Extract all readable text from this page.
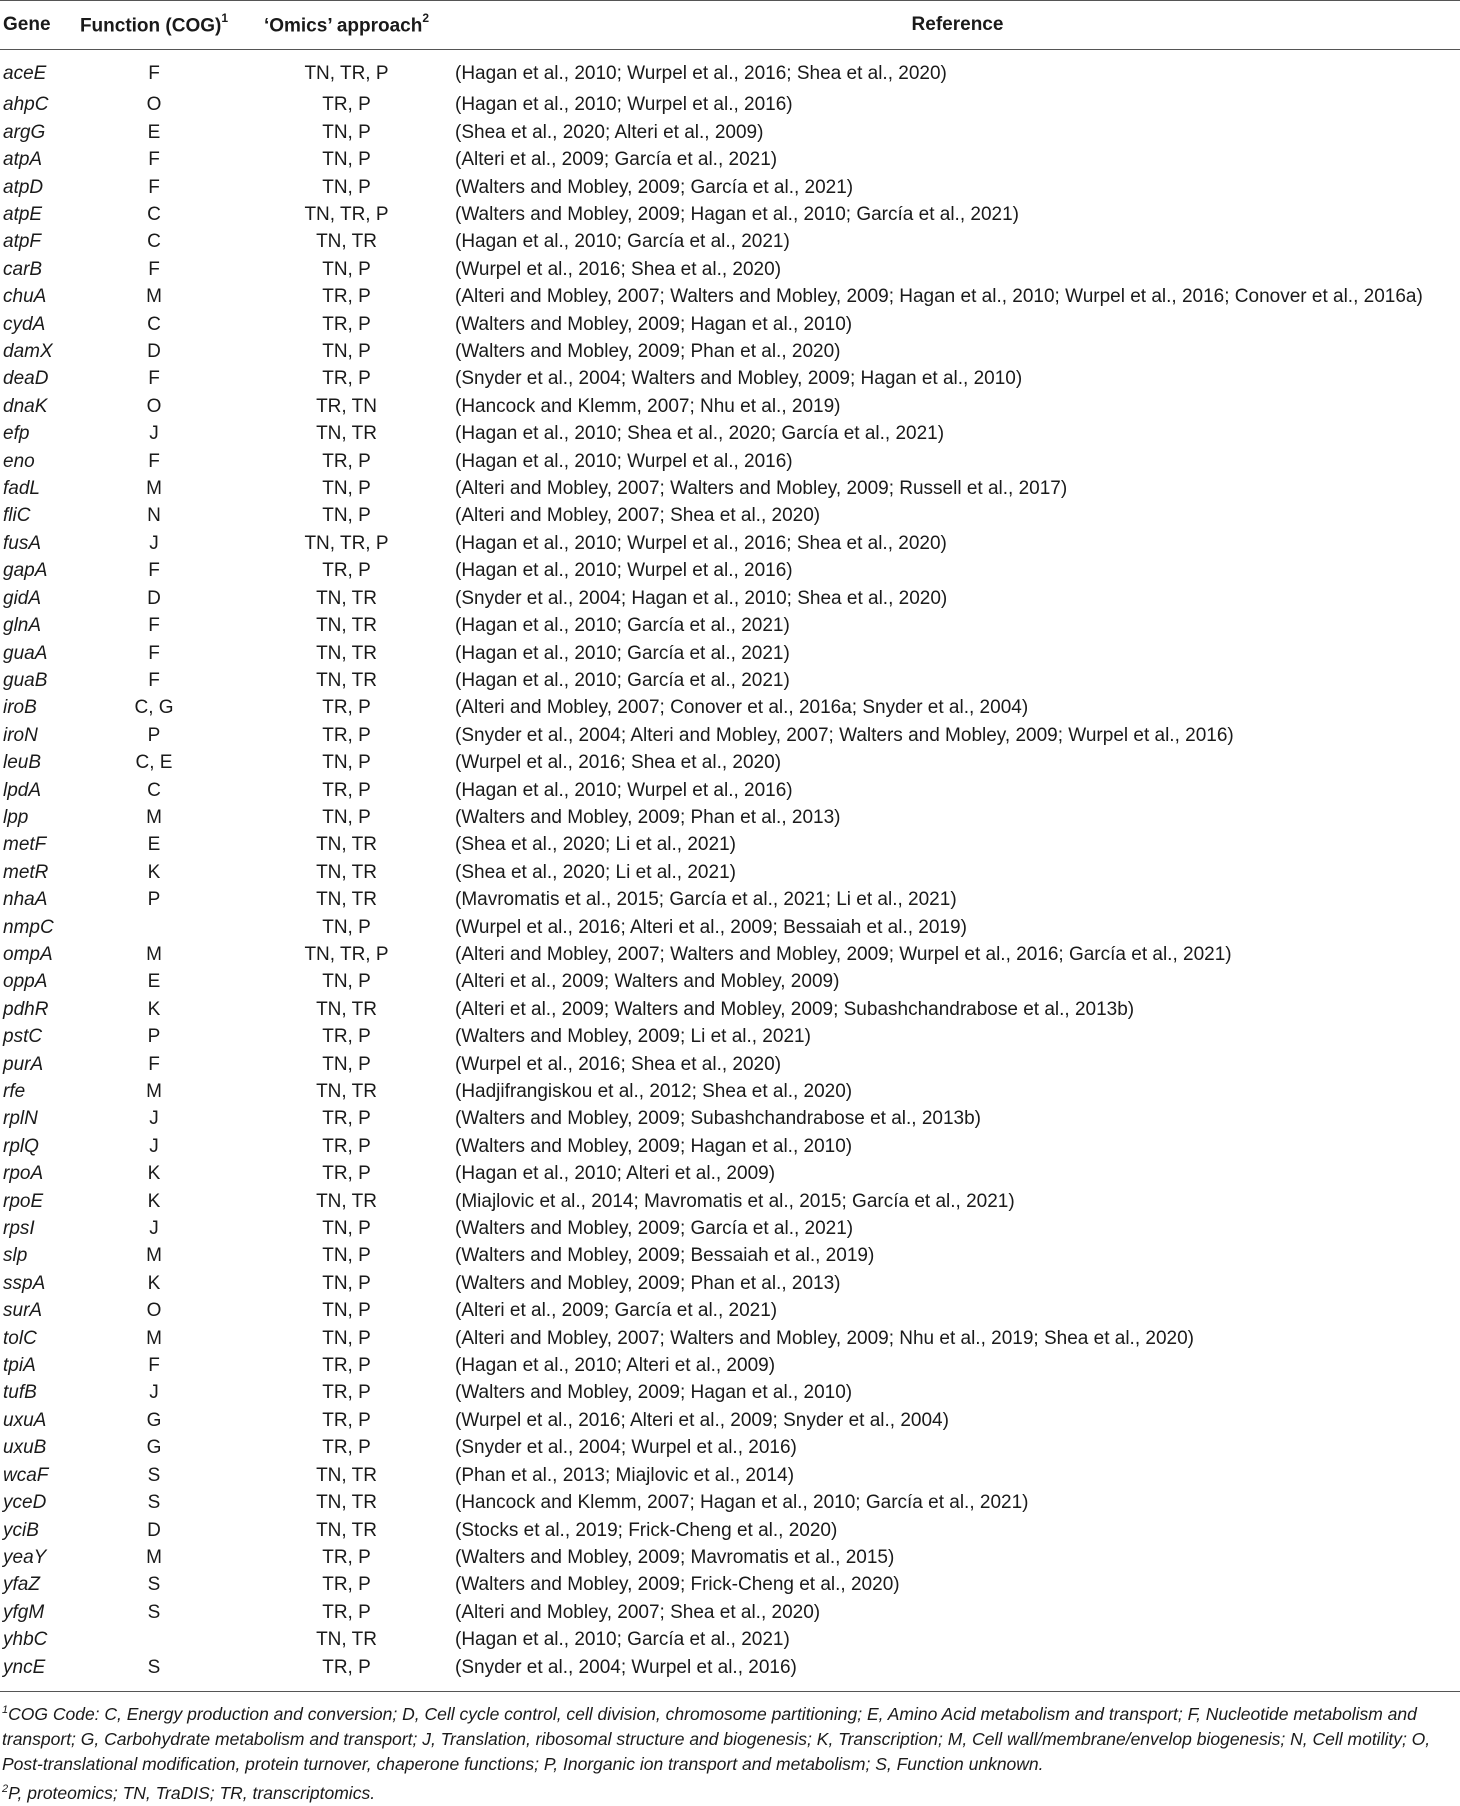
Gene	Function (COG)$^1$	‘Omics’ approach$^2$	Reference
aceE	F	TN, TR, P	(Hagan et al., 2010; Wurpel et al., 2016; Shea et al., 2020)
ahpC	O	TR, P	(Hagan et al., 2010; Wurpel et al., 2016)
argG	E	TN, P	(Shea et al., 2020; Alteri et al., 2009)
atpA	F	TN, P	(Alteri et al., 2009; García et al., 2021)
atpD	F	TN, P	(Walters and Mobley, 2009; García et al., 2021)
atpE	C	TN, TR, P	(Walters and Mobley, 2009; Hagan et al., 2010; García et al., 2021)
atpF	C	TN, TR	(Hagan et al., 2010; García et al., 2021)
carB	F	TN, P	(Wurpel et al., 2016; Shea et al., 2020)
chuA	M	TR, P	(Alteri and Mobley, 2007; Walters and Mobley, 2009; Hagan et al., 2010; Wurpel et al., 2016; Conover et al., 2016a)
cydA	C	TR, P	(Walters and Mobley, 2009; Hagan et al., 2010)
damX	D	TN, P	(Walters and Mobley, 2009; Phan et al., 2020)
deaD	F	TR, P	(Snyder et al., 2004; Walters and Mobley, 2009; Hagan et al., 2010)
dnaK	O	TR, TN	(Hancock and Klemm, 2007; Nhu et al., 2019)
efp	J	TN, TR	(Hagan et al., 2010; Shea et al., 2020; García et al., 2021)
eno	F	TR, P	(Hagan et al., 2010; Wurpel et al., 2016)
fadL	M	TN, P	(Alteri and Mobley, 2007; Walters and Mobley, 2009; Russell et al., 2017)
fliC	N	TN, P	(Alteri and Mobley, 2007; Shea et al., 2020)
fusA	J	TN, TR, P	(Hagan et al., 2010; Wurpel et al., 2016; Shea et al., 2020)
gapA	F	TR, P	(Hagan et al., 2010; Wurpel et al., 2016)
gidA	D	TN, TR	(Snyder et al., 2004; Hagan et al., 2010; Shea et al., 2020)
glnA	F	TN, TR	(Hagan et al., 2010; García et al., 2021)
guaA	F	TN, TR	(Hagan et al., 2010; García et al., 2021)
guaB	F	TN, TR	(Hagan et al., 2010; García et al., 2021)
iroB	C, G	TR, P	(Alteri and Mobley, 2007; Conover et al., 2016a; Snyder et al., 2004)
iroN	P	TR, P	(Snyder et al., 2004; Alteri and Mobley, 2007; Walters and Mobley, 2009; Wurpel et al., 2016)
leuB	C, E	TN, P	(Wurpel et al., 2016; Shea et al., 2020)
lpdA	C	TR, P	(Hagan et al., 2010; Wurpel et al., 2016)
lpp	M	TN, P	(Walters and Mobley, 2009; Phan et al., 2013)
metF	E	TN, TR	(Shea et al., 2020; Li et al., 2021)
metR	K	TN, TR	(Shea et al., 2020; Li et al., 2021)
nhaA	P	TN, TR	(Mavromatis et al., 2015; García et al., 2021; Li et al., 2021)
nmpC		TN, P	(Wurpel et al., 2016; Alteri et al., 2009; Bessaiah et al., 2019)
ompA	M	TN, TR, P	(Alteri and Mobley, 2007; Walters and Mobley, 2009; Wurpel et al., 2016; García et al., 2021)
oppA	E	TN, P	(Alteri et al., 2009; Walters and Mobley, 2009)
pdhR	K	TN, TR	(Alteri et al., 2009; Walters and Mobley, 2009; Subashchandrabose et al., 2013b)
pstC	P	TR, P	(Walters and Mobley, 2009; Li et al., 2021)
purA	F	TN, P	(Wurpel et al., 2016; Shea et al., 2020)
rfe	M	TN, TR	(Hadjifrangiskou et al., 2012; Shea et al., 2020)
rplN	J	TR, P	(Walters and Mobley, 2009; Subashchandrabose et al., 2013b)
rplQ	J	TR, P	(Walters and Mobley, 2009; Hagan et al., 2010)
rpoA	K	TR, P	(Hagan et al., 2010; Alteri et al., 2009)
rpoE	K	TN, TR	(Miajlovic et al., 2014; Mavromatis et al., 2015; García et al., 2021)
rpsI	J	TN, P	(Walters and Mobley, 2009; García et al., 2021)
slp	M	TN, P	(Walters and Mobley, 2009; Bessaiah et al., 2019)
sspA	K	TN, P	(Walters and Mobley, 2009; Phan et al., 2013)
surA	O	TN, P	(Alteri et al., 2009; García et al., 2021)
tolC	M	TN, P	(Alteri and Mobley, 2007; Walters and Mobley, 2009; Nhu et al., 2019; Shea et al., 2020)
tpiA	F	TR, P	(Hagan et al., 2010; Alteri et al., 2009)
tufB	J	TR, P	(Walters and Mobley, 2009; Hagan et al., 2010)
uxuA	G	TR, P	(Wurpel et al., 2016; Alteri et al., 2009; Snyder et al., 2004)
uxuB	G	TR, P	(Snyder et al., 2004; Wurpel et al., 2016)
wcaF	S	TN, TR	(Phan et al., 2013; Miajlovic et al., 2014)
yceD	S	TN, TR	(Hancock and Klemm, 2007; Hagan et al., 2010; García et al., 2021)
yciB	D	TN, TR	(Stocks et al., 2019; Frick-Cheng et al., 2020)
yeaY	M	TR, P	(Walters and Mobley, 2009; Mavromatis et al., 2015)
yfaZ	S	TR, P	(Walters and Mobley, 2009; Frick-Cheng et al., 2020)
yfgM	S	TR, P	(Alteri and Mobley, 2007; Shea et al., 2020)
yhbC		TN, TR	(Hagan et al., 2010; García et al., 2021)
yncE	S	TR, P	(Snyder et al., 2004; Wurpel et al., 2016)

$^1$COG Code: C, Energy production and conversion; D, Cell cycle control, cell division, chromosome partitioning; E, Amino Acid metabolism and transport; F, Nucleotide metabolism and transport; G, Carbohydrate metabolism and transport; J, Translation, ribosomal structure and biogenesis; K, Transcription; M, Cell wall/membrane/envelop biogenesis; N, Cell motility; O, Post-translational modification, protein turnover, chaperone functions; P, Inorganic ion transport and metabolism; S, Function unknown.

$^2$P, proteomics; TN, TraDIS; TR, transcriptomics.
